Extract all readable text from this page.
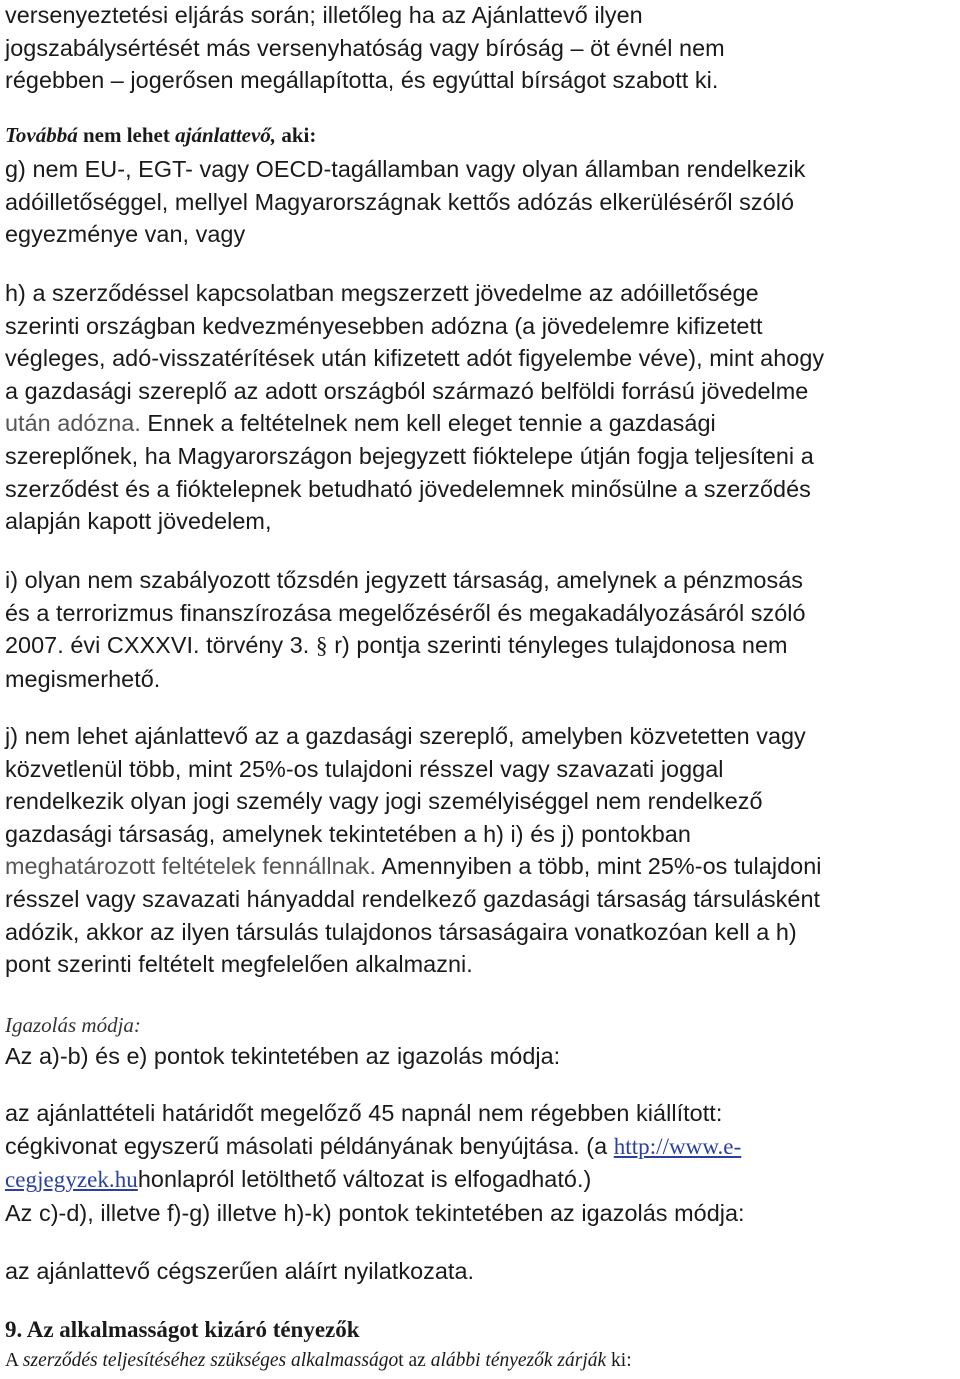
versenyeztetési eljárás során; illetőleg ha az Ajánlattevő ilyen

jogszabálysértését más versenyhatóság vagy bíróság – öt évnél nem

régebben – jogerősen megállapította, és egyúttal bírságot szabott ki.

Továbbá nem lehet ajánlattevő, aki:

g) nem EU-, EGT- vagy OECD-tagállamban vagy olyan államban rendelkezik

adóilletőséggel, mellyel Magyarországnak kettős adózás elkerüléséről szóló

egyezménye van, vagy

h) a szerződéssel kapcsolatban megszerzett jövedelme az adóilletősége

szerinti országban kedvezményesebben adózna (a jövedelemre kifizetett

végleges, adó-visszatérítések után kifizetett adót figyelembe véve), mint ahogy

a gazdasági szereplő az adott országból származó belföldi forrású jövedelme

után adózna. Ennek a feltételnek nem kell eleget tennie a gazdasági

szereplőnek, ha Magyarországon bejegyzett fióktelepe útján fogja teljesíteni a

szerződést és a fióktelepnek betudható jövedelemnek minősülne a szerződés

alapján kapott jövedelem,

i) olyan nem szabályozott tőzsdén jegyzett társaság, amelynek a pénzmosás

és a terrorizmus finanszírozása megelőzéséről és megakadályozásáról szóló

2007. évi CXXXVI. törvény 3. § r) pontja szerinti tényleges tulajdonosa nem

megismerhető.

j) nem lehet ajánlattevő az a gazdasági szereplő, amelyben közvetetten vagy

közvetlenül több, mint 25%-os tulajdoni résszel vagy szavazati joggal

rendelkezik olyan jogi személy vagy jogi személyiséggel nem rendelkező

gazdasági társaság, amelynek tekintetében a h) i) és j) pontokban

meghatározott feltételek fennállnak. Amennyiben a több, mint 25%-os tulajdoni

résszel vagy szavazati hányaddal rendelkező gazdasági társaság társulásként

adózik, akkor az ilyen társulás tulajdonos társaságaira vonatkozóan kell a h)

pont szerinti feltételt megfelelően alkalmazni.

Igazolás módja:

Az a)-b) és e) pontok tekintetében az igazolás módja:

az ajánlattételi határidőt megelőző 45 napnál nem régebben kiállított:

cégkivonat egyszerű másolati példányának benyújtása. (a http://www.e-

cegjegyzek.huhonlapról letölthető változat is elfogadható.)

Az c)-d), illetve f)-g) illetve h)-k) pontok tekintetében az igazolás módja:

az ajánlattevő cégszerűen aláírt nyilatkozata.

9. Az alkalmasságot kizáró tényezők
A szerződés teljesítéséhez szükséges alkalmasságot az alábbi tényezők zárják ki:
